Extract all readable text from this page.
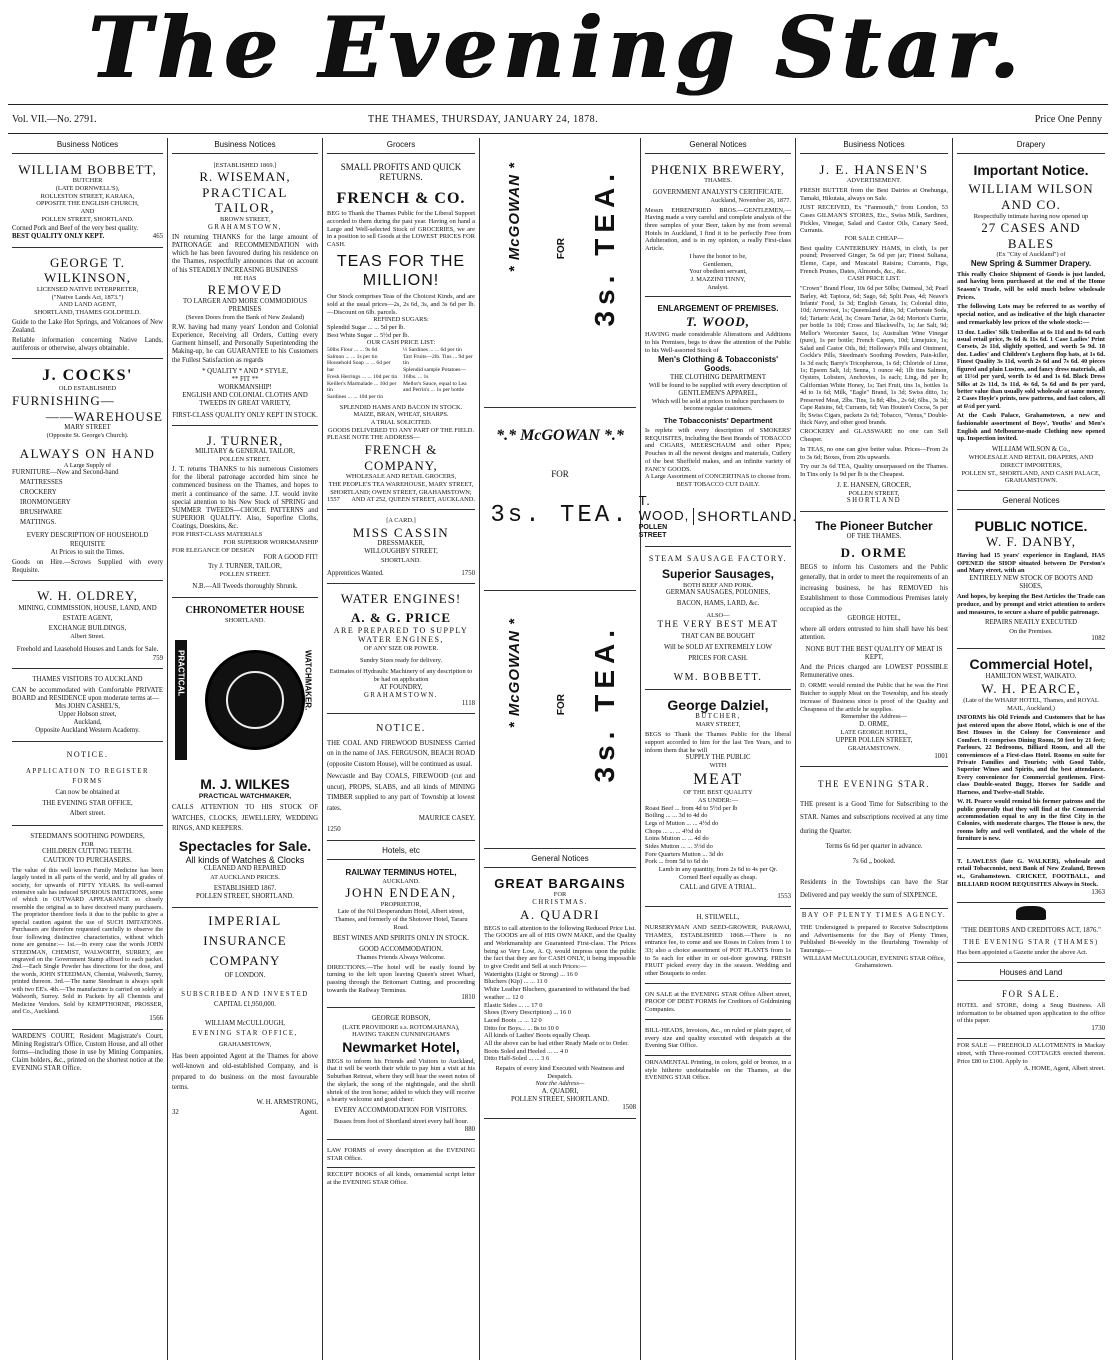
The Evening Star.
Vol. VII.—No. 2791.	THE THAMES, THURSDAY, JANUARY 24, 1878.	Price One Penny
Business Notices
WILLIAM BOBBETT,
BUTCHER
(LATE DORNWELL'S),
ROLLESTON STREET, KARAKA,
OPPOSITE THE ENGLISH CHURCH,
AND
POLLEN STREET, SHORTLAND.
Corned Pork and Beef of the very best quality.
BEST QUALITY ONLY KEPT.	465
GEORGE T. WILKINSON,
LICENSED NATIVE INTERPRETER,
("Native Lands Act, 1873.")
AND LAND AGENT,
SHORTLAND, THAMES GOLDFIELD.
Guide to the Lake Hot Springs, and Volcanoes of New Zealand.
Reliable information concerning Native Lands, auriferous or otherwise, always obtainable.
J. COCKS'
OLD ESTABLISHED
FURNISHING—
——WAREHOUSE
MARY STREET
(Opposite St. George's Church).
ALWAYS ON HAND
A Large Supply of
FURNITURE—New and Second-hand
MATTRESSES
CROCKERY
IRONMONGERY
BRUSHWARE
MATTINGS.
EVERY DESCRIPTION OF HOUSEHOLD REQUISITE
At Prices to suit the Times.
Goods on Hire.—Scrows Supplied with every Requisite.
W. H. OLDREY,
MINING, COMMISSION, HOUSE, LAND, AND ESTATE AGENT,
EXCHANGE BUILDINGS,
Albert Street.
Freehold and Leasehold Houses and Lands for Sale.
759
THAMES VISITORS TO AUCKLAND
CAN be accommodated with Comfortable PRIVATE BOARD and RESIDENCE upon moderate terms at—
Mrs JOHN CASHEL'S,
Upper Hobson street,
Auckland,
Opposite Auckland Western Academy.
NOTICE.
APPLICATION TO REGISTER FORMS
Can now be obtained at
THE EVENING STAR OFFICE,
Albert street.
STEEDMAN'S SOOTHING POWDERS,
FOR
CHILDREN CUTTING TEETH.
CAUTION TO PURCHASERS.
The value of this well known Family Medicine has been largely tested in all parts of the world, and by all grades of society, for upwards of FIFTY YEARS. Its well-earned extensive sale has induced SPURIOUS IMITATIONS, some of which in OUTWARD APPEARANCE so closely resemble the original as to have deceived many purchasers. The proprietor therefore feels it due to the public to give a special caution against the use of SUCH IMITATIONS. Purchasers are therefore requested carefully to observe the four following distinctive characteristics, without which none are genuine:— 1st.—In every case the words JOHN STEEDMAN, CHEMIST, WALWORTH, SURREY, are engraved on the Government Stamp affixed to each packet. 2nd.—Each Single Powder has directions for the dose, and the words, JOHN STEEDMAN, Chemist, Walworth, Surrey, printed thereon. 3rd.—The name Steedman is always spelt with two EE's. 4th.—The manufacture is carried on solely at Walworth, Surrey. Sold in Packets by all Chemists and Medicine Vendors. Sold by KEMPTHORNE, PROSSER, and Co., Auckland.
1566
WARDEN'S COURT, Resident Magistrate's Court, Mining Registrar's Office, Custom House, and all other forms—including those in use by Mining Companies, Claim holders, &c., printed on the shortest notice at the EVENING STAR Office.
Business Notices
[ESTABLISHED 1869.]
R. WISEMAN,
PRACTICAL TAILOR,
BROWN STREET,
GRAHAMSTOWN,
IN returning THANKS for the large amount of PATRONAGE and RECOMMENDATION with which he has been favoured during his residence on the Thames, respectfully announces that on account of his STEADILY INCREASING BUSINESS
HE HAS
REMOVED
TO LARGER AND MORE COMMODIOUS PREMISES
(Seven Doors from the Bank of New Zealand)
R.W. having had many years' London and Colonial Experience, Receiving all Orders, Cutting every Garment himself, and Personally Superintending the Making-up, he can GUARANTEE to his Customers the Fullest Satisfaction as regards
* QUALITY * AND * STYLE,
** FIT **
WORKMANSHIP!
ENGLISH AND COLONIAL CLOTHS AND TWEEDS IN GREAT VARIETY,
FIRST-CLASS QUALITY ONLY KEPT IN STOCK.
J. TURNER,
MILITARY & GENERAL TAILOR,
POLLEN STREET.
J. T. returns THANKS to his numerous Customers for the liberal patronage accorded him since he commenced business on the Thames, and hopes to merit a continuance of the same. J.T. would invite special attention to his New Stock of SPRING and SUMMER TWEEDS—CHOICE PATTERNS and SUPERIOR QUALITY. Also, Superfine Cloths, Coatings, Doeskins, &c.
FOR FIRST-CLASS MATERIALS
FOR SUPERIOR WORKMANSHIP
FOR ELEGANCE OF DESIGN
FOR A GOOD FIT!
Try J. TURNER, TAILOR,
POLLEN STREET.
N.B.—All Tweeds thoroughly Shrunk.
CHRONOMETER HOUSE
SHORTLAND.
PRACTICAL	WATCHMAKER.
M. J. WILKES
PRACTICAL WATCHMAKER,
CALLS ATTENTION TO HIS STOCK OF WATCHES, CLOCKS, JEWELLERY, WEDDING RINGS, AND KEEPERS.
Spectacles for Sale.
All kinds of Watches & Clocks
CLEANED AND REPAIRED
AT AUCKLAND PRICES.
ESTABLISHED 1867.
POLLEN STREET, SHORTLAND.
IMPERIAL
INSURANCE COMPANY
OF LONDON.
SUBSCRIBED AND INVESTED
CAPITAL £1,950,000.
WILLIAM McCULLOUGH,
EVENING STAR OFFICE,
GRAHAMSTOWN,
Has been appointed Agent at the Thames for above well-known and old-established Company, and is prepared to do business on the most favourable terms.
W. H. ARMSTRONG,
32	Agent.
Grocers
SMALL PROFITS AND QUICK RETURNS.
FRENCH & CO.
BEG to Thank the Thames Public for the Liberal Support accorded to them during the past year. Having on hand a Large and Well-selected Stock of GROCERIES, we are in a position to sell Goods at the LOWEST PRICES FOR CASH.
TEAS FOR THE MILLION!
Our Stock comprises Teas of the Choicest Kinds, and are sold at the usual prices—2s, 2s 6d, 3s, and 3s 6d per lb.—Discount on 6lb. parcels.
REFINED SUGARS:
Splendid Sugar ... ... 5d per lb.
Best White Sugar ... 5½d per lb.
OUR CASH PRICE LIST:
50lbs Flour ... ... 9s 6d
Salmon ... ... 1s per tin
Household Soap ... ... 6d per bar
Fresh Herrings ... ... 10d per tin
Keiller's Marmalade ... 10d per tin
Sardines ... ... 10d per tin
½ Sardines ... ... 6d per tin
Tart Fruits—2lb. Tins ... 9d per tin
Splendid sample Potatoes—16lbs. ... 1s
Mellor's Sauce, equal to Lea and Perrin's ... 1s per bottle
SPLENDID HAMS AND BACON IN STOCK.
MAIZE, BRAN, WHEAT, SHARPS.
A TRIAL SOLICITED.
GOODS DELIVERED TO ANY PART OF THE FIELD.
PLEASE NOTE THE ADDRESS—
FRENCH & COMPANY,
WHOLESALE AND RETAIL GROCERS,
THE PEOPLE'S TEA WAREHOUSE, MARY STREET, SHORTLAND; OWEN STREET, GRAHAMSTOWN;
1557 AND AT 252, QUEEN STREET, AUCKLAND.
[A CARD.]
MISS CASSIN
DRESSMAKER,
WILLOUGHBY STREET,
SHORTLAND.
Apprentices Wanted.	1750
WATER ENGINES!
A. & G. PRICE
ARE PREPARED TO SUPPLY WATER ENGINES,
OF ANY SIZE OR POWER.
Sundry Sizes ready for delivery.
Estimates of Hydraulic Machinery of any description to be had on application
AT FOUNDRY,
GRAHAMSTOWN.
1118
NOTICE.
THE COAL AND FIREWOOD BUSINESS Carried on in the name of JAS. FERGUSON, BEACH ROAD (opposite Custom House), will be continued as usual.
Newcastle and Bay COALS, FIREWOOD (cut and uncut), PROPS, SLABS, and all kinds of MINING TIMBER supplied to any part of Township at lowest rates.
MAURICE CASEY.
1250
Hotels, etc
RAILWAY TERMINUS HOTEL,
AUCKLAND.
JOHN ENDEAN,
PROPRIETOR,
Late of the Nil Desperandum Hotel, Albert street, Thames, and formerly of the Shotover Hotel, Tararu Road.
BEST WINES AND SPIRITS ONLY IN STOCK.
GOOD ACCOMMODATION.
Thames Friends Always Welcome.
DIRECTIONS.—The hotel will be easily found by turning to the left upon leaving Queen's street Wharf, passing through the Britomart Cutting, and proceeding towards the Railway Terminus.
1810
GEORGE ROBSON,
(LATE PROVIDORE s.s. ROTOMAHANA),
HAVING TAKEN CUNNINGHAM'S
Newmarket Hotel,
BEGS to inform his Friends and Visitors to Auckland, that it will be worth their while to pay him a visit at his Suburban Retreat, where they will hear the sweet notes of the skylark, the song of the nightingale, and the shrill shriek of the iron horse; added to which they will receive a hearty welcome and good cheer.
EVERY ACCOMMODATION FOR VISITORS.
Busses from foot of Shortland street every half hour.
880
LAW FORMS of every description at the EVENING STAR Office.
RECEIPT BOOKS of all kinds, ornamental script letter at the EVENING STAR Office.
* McGOWAN *	FOR 3s. TEA.
*.* McGOWAN *.*
FOR
3s. TEA.
* McGOWAN *	FOR 3s. TEA.
General Notices
GREAT BARGAINS
FOR
CHRISTMAS.
A. QUADRI
BEGS to call attention to the following Reduced Price List. The GOODS are all of HIS OWN MAKE, and the Quality and Workmanship are Guaranteed First-class. The Prices being so Very Low, A. Q. would impress upon the public the fact that they are for CASH ONLY, it being impossible to give Credit and Sell at such Prices:—
Watertights (Light or Strong) ... 16 0
Bluchers (Kip) ... ... 11 0
White Leather Bluchers, guaranteed to withstand the bad weather ... 12 0
Elastic Sides ... ... 17 0
Shoes (Every Description) ... 16 0
Laced Boots ... ... 12 0
Ditto for Boys... ... 8s to 10 0
All kinds of Ladies' Boots equally Cheap.
All the above can be had either Ready Made or to Order.
Boots Soled and Heeled ... ... 4 0
Ditto Half-Soled ... ... 3 6
Repairs of every kind Executed with Neatness and Despatch.
Note the Address—
A. QUADRI,
POLLEN STREET, SHORTLAND.
1508
General Notices
PHŒNIX BREWERY,
THAMES.
GOVERNMENT ANALYST'S CERTIFICATE.
Auckland, November 26, 1877.
Messrs EHRENFRIED BROS.—GENTLEMEN,—Having made a very careful and complete analysis of the three samples of your Beer, taken by me from several Hotels in Auckland, I find it to be perfectly Free from Adulteration, and is in my opinion, a really First-class Article.
I have the honor to be,
Gentlemen,
Your obedient servant,
J. MAZZINI TINNY,
Analyst.
ENLARGEMENT OF PREMISES.
T. WOOD,
HAVING made considerable Alterations and Additions to his Premises, begs to draw the attention of the Public to his Well-assorted Stock of
Men's Clothing & Tobacconists' Goods.
THE CLOTHING DEPARTMENT
Will be found to be supplied with every description of
GENTLEMEN'S APPAREL,
Which will be sold at prices to induce purchasers to become regular customers.
The Tobacconists' Department
Is replete with every description of SMOKERS' REQUISITES, Including the Best Brands of TOBACCO and CIGARS, MEERSCHAUM and other Pipes; Pouches in all the newest designs and materials, Cutlery of the best Sheffield makes, and an infinite variety of FANCY GOODS.
A Large Assortment of CONCERTINAS to choose from.
BEST TOBACCO CUT DAILY.
T. WOOD,
POLLEN STREET
SHORTLAND.
STEAM SAUSAGE FACTORY.
Superior Sausages,
BOTH BEEF AND PORK.
GERMAN SAUSAGES, POLONIES,
BACON, HAMS, LARD, &c.
ALSO—
THE VERY BEST MEAT
THAT CAN BE BOUGHT
Will be SOLD AT EXTREMELY LOW
PRICES FOR CASH.
WM. BOBBETT.
George Dalziel,
BUTCHER,
MARY STREET,
BEGS to Thank the Thames Public for the liberal support accorded to him for the last Ten Years, and to inform them that he will
SUPPLY THE PUBLIC
WITH
MEAT
OF THE BEST QUALITY
AS UNDER:—
Roast Beef ... from 4d to 5½d per lb
Boiling ... ... 3d to 4d do
Legs of Mutton ... ... 4½d do
Chops ... ... ... 4½d do
Loins Mutton ... ... 4d do
Sides Mutton ... ... 3½d do
Fore Quarters Mutton ... 3d do
Pork ... from 5d to 6d do
Lamb in any quantity, from 2s 6d to 4s per Qr.
Corned Beef equally as cheap.
CALL and GIVE A TRIAL.
1553
H. STILWELL,
NURSERYMAN AND SEED-GROWER, PARAWAI, THAMES, ESTABLISHED 1868.—There is no entrance fee, to come and see Roses in Colors from 1 to 33; also a choice assortment of POT PLANTS from 1s to 5s each for either in or out-door growing. FRESH FRUIT picked every day in the season. Wedding and other Bouquets to order.
ON SALE at the EVENING STAR Office Albert street, PROOF OF DEBT FORMS for Creditors of Goldmining Companies.
BILL-HEADS, Invoices, &c., on ruled or plain paper, of every size and quality executed with despatch at the Evening Star Office.
ORNAMENTAL Printing, in colors, gold or bronze, in a style hitherto unobtainable on the Thames, at the EVENING STAR Office.
Business Notices
J. E. HANSEN'S
ADVERTISEMENT.
FRESH BUTTER from the Best Dairies at Onehunga, Tamaki, Hikutaia, always on Sale.
JUST RECEIVED, Ex "Fanmouth," from London, 53 Cases GILMAN'S STORES, Etc., Swiss Milk, Sardines, Pickles, Vinegar, Salad and Castor Oils, Canary Seed, Currants.
FOR SALE CHEAP—
Best quality CANTERBURY HAMS, in cloth, 1s per pound; Preserved Ginger, 5s 6d per jar; Finest Sultana, Eleme, Cape, and Muscatel Raisins; Currants, Figs, French Prunes, Dates, Almonds, &c., &c.
CASH PRICE LIST.
"Crown" Brand Flour, 10s 6d per 50lbs; Oatmeal, 3d; Pearl Barley, 4d; Tapioca, 6d; Sago, 6d; Split Peas, 4d; Neave's Infants' Food, 1s 3d; English Groats, 1s; Colonial ditto, 10d; Arrowroot, 1s; Queensland ditto, 3d; Carbonate Soda, 6d; Tartaric Acid, 3s; Cream Tartar, 2s 6d; Morton's Currie, per bottle 1s 10d; Cross and Blackwell's, 1s; Jar Salt, 9d; Mellor's Worcester Sauce, 1s; Australian Wine Vinegar (pure), 1s per bottle; French Capers, 10d; Limejuice, 1s; Salad and Castor Oils, 8d; Holloway's Pills and Ointment, Cockle's Pills, Steedman's Soothing Powders, Pain-killer, 1s 3d each; Barry's Tricopherous, 1s 6d; Chloride of Lime, 1s; Epsom Salt, 1d; Senna, 1 ounce 4d; 1lb tins Salmon, Oysters, Lobsters, Anchovies, 1s each; Ling, 8d per lb; Californian White Honey, 1s; Tart Fruit, tins 1s, bottles 1s 4d to 1s 6d; Milk, "Eagle" Brand, 1s 3d; Swiss ditto, 1s; Preserved Meat, 2lbs. Tins, 1s 8d; 4lbs., 2s 6d; 6lbs., 3s 3d; Cape Raisins, 6d; Currants, 6d; Van Houten's Cocoa, 5s per lb; Swiss Cigars, packets 2s 6d; Tobacco, "Venus," Double-thick Navy, and other good brands.
CROCKERY and GLASSWARE no one can Sell Cheaper.
In TEAS, no one can give better value. Prices—From 2s to 3s 6d; Boxes, from 20s upwards.
Try our 3s 6d TEA, Quality unsurpassed on the Thames. In Tins only 1s 9d per lb is the Cheapest.
J. E. HANSEN, GROCER,
POLLEN STREET,
SHORTLAND
The Pioneer Butcher
OF THE THAMES.
D. ORME
BEGS to inform his Customers and the Public generally, that in order to meet the requirements of an increasing business, he has REMOVED his Establishment to those Commodious Premises lately occupied as the
GEORGE HOTEL,
where all orders entrusted to him shall have his best attention.
NONE BUT THE BEST QUALITY OF MEAT IS KEPT,
And the Prices charged are LOWEST POSSIBLE Remunerative ones.
D. ORME would remind the Public that he was the First Butcher to supply Meat on the Township, and his steady increase of Business since is proof of the Quality and Cheapness of the article he supplies.
Remember the Address—
D. ORME,
LATE GEORGE HOTEL,
UPPER POLLEN STREET,
GRAHAMSTOWN.
1001
THE EVENING STAR.
THE present is a Good Time for Subscribing to the STAR. Names and subscriptions received at any time during the Quarter.
Terms 6s 6d per quarter in advance.
7s 6d „ booked.
Residents in the Townships can have the Star Delivered and pay weekly the sum of SIXPENCE.
BAY OF PLENTY TIMES AGENCY.
THE Undersigned is prepared to Receive Subscriptions and Advertisements for the Bay of Plenty Times, Published Bi-weekly in the flourishing Township of Tauranga.—
WILLIAM McCULLOUGH, EVENING STAR Office, Grahamstown.
Drapery
Important Notice.
WILLIAM WILSON AND CO.
Respectfully intimate having now opened up
27 CASES AND BALES
(Ex "City of Auckland") of
New Spring & Summer Drapery.
This really Choice Shipment of Goods is just landed, and having been purchased at the end of the Home Season's Trade, will be sold much below wholesale Prices.
The following Lots may be referred to as worthy of special notice, and as indicative of the high character and remarkably low prices of the whole stock:—
13 doz. Ladies' Silk Umbrellas at 6s 11d and 8s 6d each usual retail price, 9s 6d & 11s 6d. 1 Case Ladies' Print Corsets, 2s 11d, slightly spotted, and worth 5s 9d. 18 doz. Ladies' and Children's Leghorn flop hats, at 1s 6d. Finest Quality 3s 11d, worth 2s 6d and 7s 6d. 40 pieces figured and plain Lustres, and fancy dress materials, all at 11½d per yard, worth 1s 4d and 1s 6d. Black Dress Silks at 2s 11d, 3s 11d, 4s 6d, 5s 6d and 8s per yard, better value than usually sold wholesale at same money. 2 Cases Hoyle's prints, new patterns, and fast colors, all at 6½d per yard.
At the Cash Palace, Grahamstown, a new and fashionable assortment of Boys', Youths' and Men's English and Melbourne-made Clothing now opened up. Inspection invited.
WILLIAM WILSON & Co.,
WHOLESALE AND RETAIL DRAPERS, AND DIRECT IMPORTERS,
POLLEN ST., SHORTLAND, AND CASH PALACE, GRAHAMSTOWN.
General Notices
PUBLIC NOTICE.
W. F. DANBY,
Having had 15 years' experience in England, HAS OPENED the SHOP situated between Dr Perston's and Mary street, with an
ENTIRELY NEW STOCK OF BOOTS AND SHOES,
And hopes, by keeping the Best Articles the Trade can produce, and by prompt and strict attention to orders and measures, to secure a share of public patronage.
REPAIRS NEATLY EXECUTED
On the Premises.
1082
Commercial Hotel,
HAMILTON WEST, WAIKATO.
W. H. PEARCE,
(Late of the WHARF HOTEL, Thames, and ROYAL MAIL, Auckland,)
INFORMS his Old Friends and Customers that he has just entered upon the above Hotel, which is one of the Best Houses in the Colony for Convenience and Comfort. It comprises Dining Room, 50 feet by 21 feet; Parlours, 22 Bedrooms, Billiard Room, and all the conveniences of a First-class Hotel. Rooms en suite for Private Families and Tourists; with Good Table, Superior Wines and Spirits, and the best attendance. Every convenience for Commercial gentlemen. First-class Double-seated Buggy, Horses for Saddle and Harness, and Twelve-stall Stable.
W. H. Pearce would remind his former patrons and the public generally that they will find at the Commercial accommodation equal to any in the first City in the Colonies, with moderate charges. The House is new, the rooms lofty and well ventilated, and the whole of the furniture is new.
T. LAWLESS (late G. WALKER), wholesale and retail Tobacconist, next Bank of New Zealand, Brown st., Grahamstown. CRICKET, FOOTBALL, and BILLIARD ROOM REQUISITES Always in Stock.
1363
"THE DEBTORS AND CREDITORS ACT, 1876."
THE EVENING STAR (THAMES)
Has been appointed a Gazette under the above Act.
Houses and Land
FOR SALE.
HOTEL and STORE, doing a Snug Business. All information to be obtained upon application to the office of this paper.
1730
FOR SALE — FREEHOLD ALLOTMENTS in Mackay street, with Three-roomed COTTAGES erected thereon. Price £80 to £100. Apply to
A. HOME, Agent, Albert street.
